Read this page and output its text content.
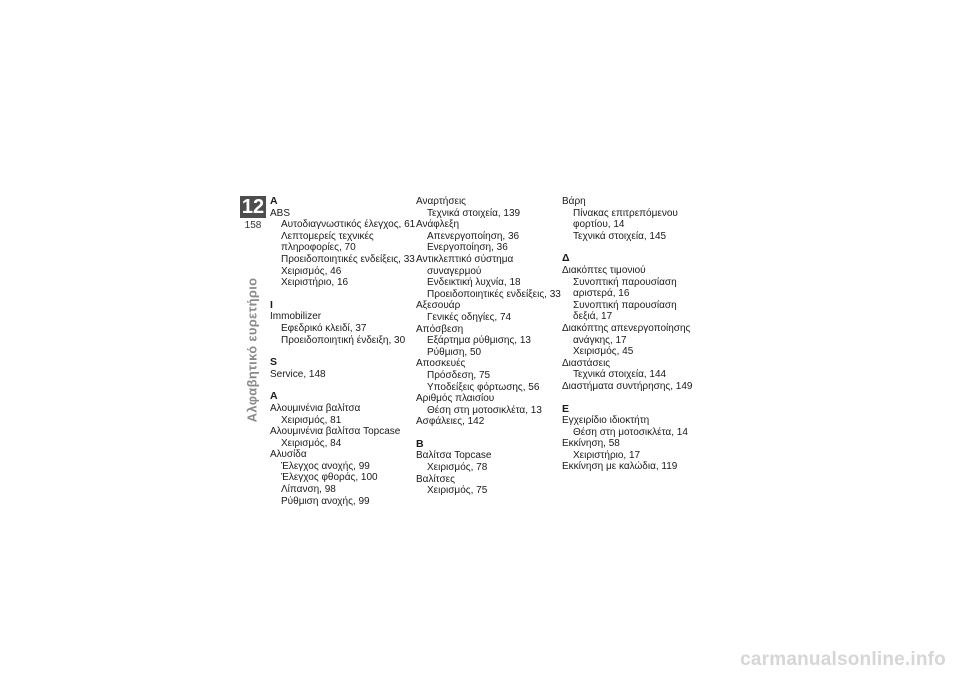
12
158
Αλφαβητικό ευρετήριο
A
ABS
Αυτοδιαγνωστικός έλεγχος, 61
Λεπτομερείς τεχνικές
πληροφορίες, 70
Προειδοποιητικές ενδείξεις, 33
Χειρισμός, 46
Χειριστήριο, 16
I
Immobilizer
Εφεδρικό κλειδί, 37
Προειδοποιητική ένδειξη, 30
S
Service, 148
Α
Αλουμινένια βαλίτσα
Χειρισμός, 81
Αλουμινένια βαλίτσα Topcase
Χειρισμός, 84
Αλυσίδα
Έλεγχος ανοχής, 99
Έλεγχος φθοράς, 100
Λίπανση, 98
Ρύθμιση ανοχής, 99
Αναρτήσεις
Τεχνικά στοιχεία, 139
Ανάφλεξη
Απενεργοποίηση, 36
Ενεργοποίηση, 36
Αντικλεπτικό σύστημα
συναγερμού
Ενδεικτική λυχνία, 18
Προειδοποιητικές ενδείξεις, 33
Αξεσουάρ
Γενικές οδηγίες, 74
Απόσβεση
Εξάρτημα ρύθμισης, 13
Ρύθμιση, 50
Αποσκευές
Πρόσδεση, 75
Υποδείξεις φόρτωσης, 56
Αριθμός πλαισίου
Θέση στη μοτοσικλέτα, 13
Ασφάλειες, 142
Β
Βαλίτσα Topcase
Χειρισμός, 78
Βαλίτσες
Χειρισμός, 75
Βάρη
Πίνακας επιτρεπόμενου
φορτίου, 14
Τεχνικά στοιχεία, 145
Δ
Διακόπτες τιμονιού
Συνοπτική παρουσίαση
αριστερά, 16
Συνοπτική παρουσίαση
δεξιά, 17
Διακόπτης απενεργοποίησης
ανάγκης, 17
Χειρισμός, 45
Διαστάσεις
Τεχνικά στοιχεία, 144
Διαστήματα συντήρησης, 149
Ε
Εγχειρίδιο ιδιοκτήτη
Θέση στη μοτοσικλέτα, 14
Εκκίνηση, 58
Χειριστήριο, 17
Εκκίνηση με καλώδια, 119
carmanualsonline.info
